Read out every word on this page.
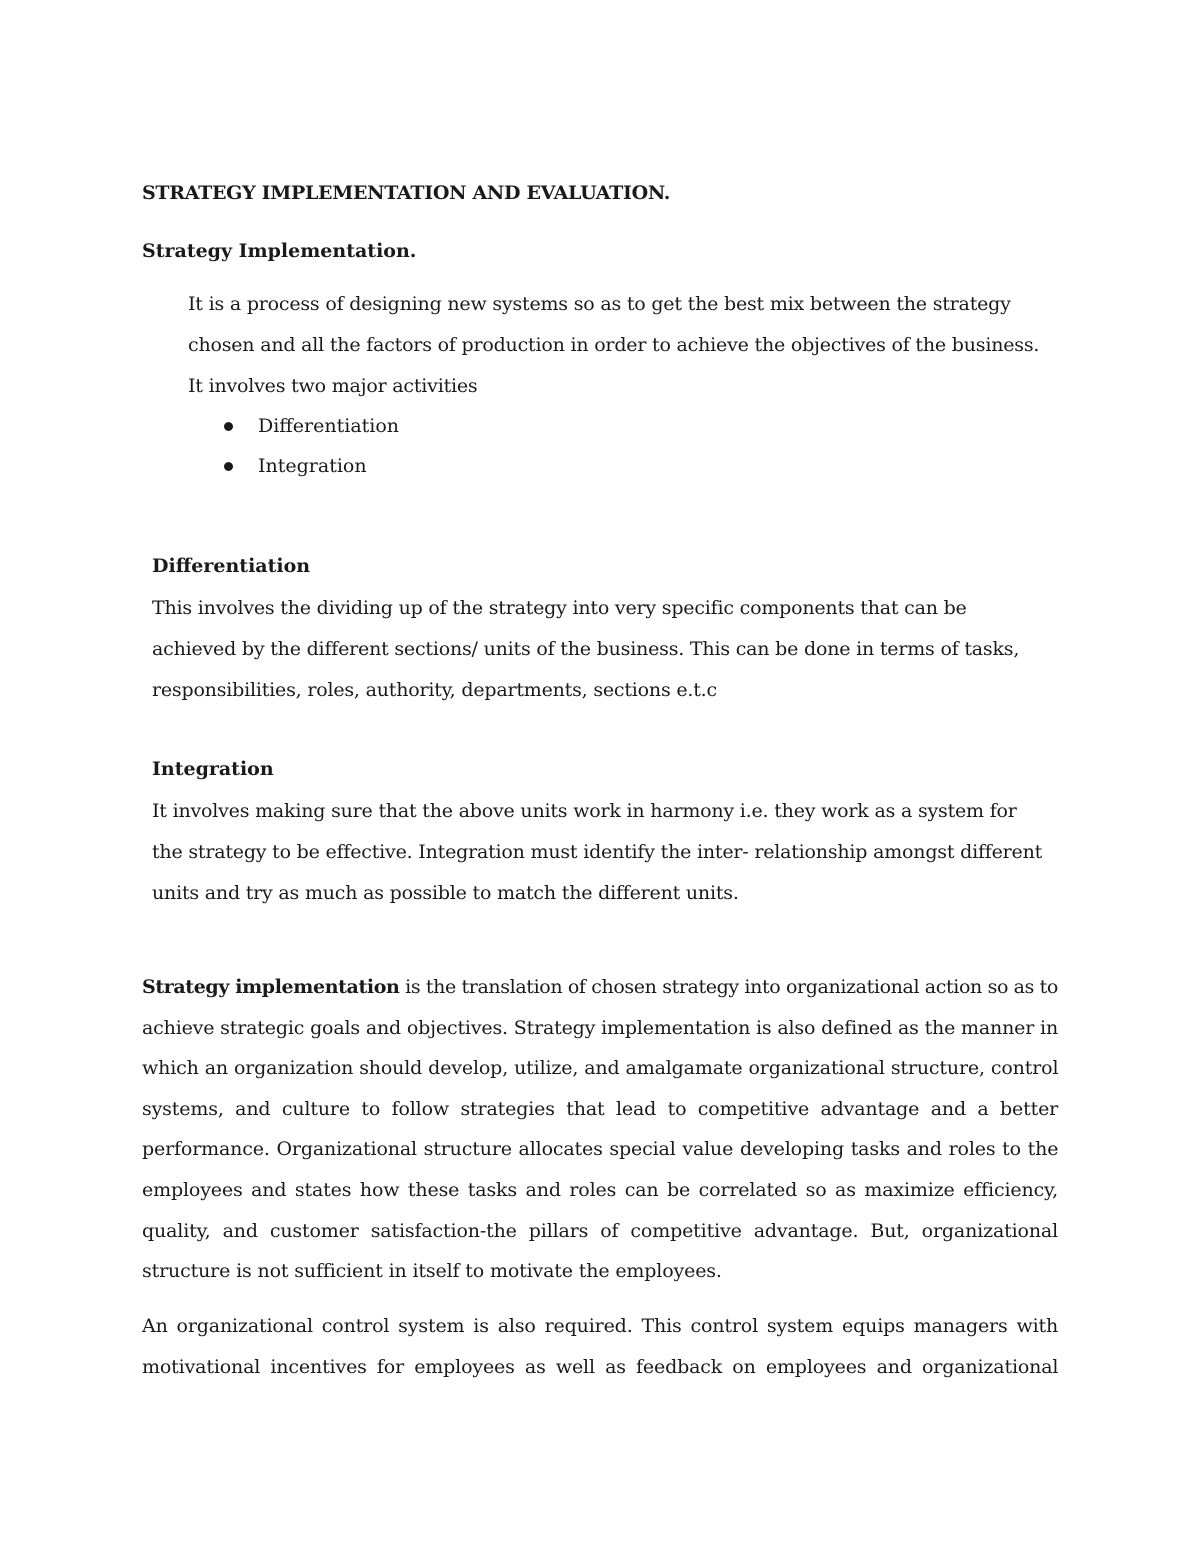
STRATEGY IMPLEMENTATION AND EVALUATION.
Strategy Implementation.
It is a process of designing new systems so as to get the best mix between the strategy
chosen and all the factors of production in order to achieve the objectives of the business.
It involves two major activities
Differentiation
Integration
Differentiation
This involves the dividing up of the strategy into very specific components that can be
achieved by the different sections/ units of the business. This can be done in terms of tasks,
responsibilities, roles, authority, departments, sections e.t.c
Integration
It involves making sure that the above units work in harmony i.e. they work as a system for
the strategy to be effective. Integration must identify the inter- relationship amongst different
units and try as much as possible to match the different units.
Strategy implementation is the translation of chosen strategy into organizational action so as to
achieve strategic goals and objectives. Strategy implementation is also defined as the manner in
which an organization should develop, utilize, and amalgamate organizational structure, control
systems, and culture to follow strategies that lead to competitive advantage and a better
performance. Organizational structure allocates special value developing tasks and roles to the
employees and states how these tasks and roles can be correlated so as maximize efficiency,
quality, and customer satisfaction-the pillars of competitive advantage. But, organizational
structure is not sufficient in itself to motivate the employees.
An organizational control system is also required. This control system equips managers with
motivational incentives for employees as well as feedback on employees and organizational
